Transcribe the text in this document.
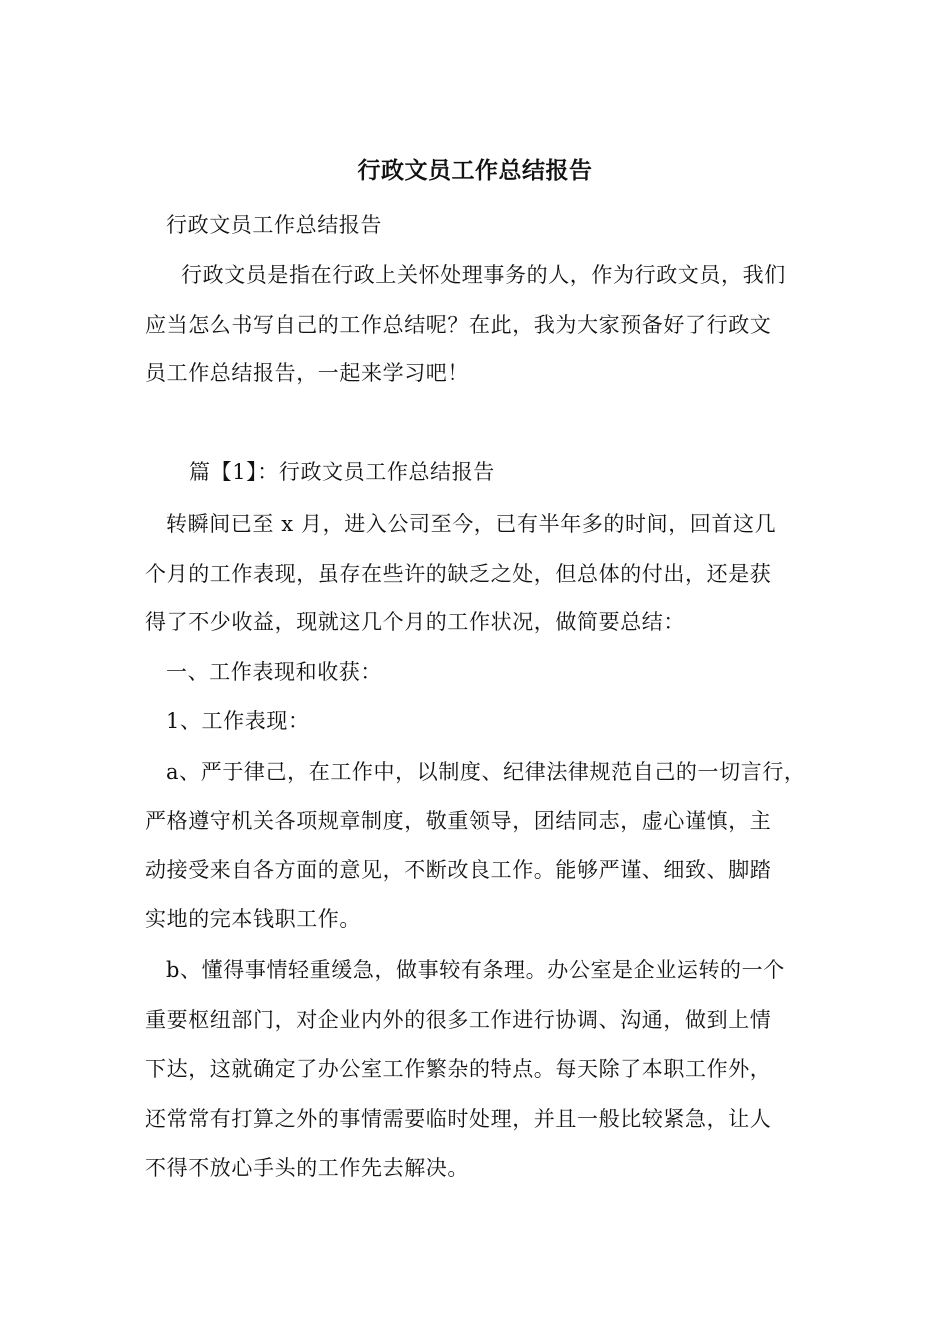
行政文员工作总结报告
行政文员工作总结报告
行政文员是指在行政上关怀处理事务的人，作为行政文员，我们
应当怎么书写自己的工作总结呢？在此，我为大家预备好了行政文
员工作总结报告，一起来学习吧！
篇【1】：行政文员工作总结报告
转瞬间已至 x 月，进入公司至今，已有半年多的时间，回首这几
个月的工作表现，虽存在些许的缺乏之处，但总体的付出，还是获
得了不少收益，现就这几个月的工作状况，做简要总结：
一、工作表现和收获：
1、工作表现：
a、严于律己，在工作中，以制度、纪律法律规范自己的一切言行，
严格遵守机关各项规章制度，敬重领导，团结同志，虚心谨慎，主
动接受来自各方面的意见，不断改良工作。能够严谨、细致、脚踏
实地的完本钱职工作。
b、懂得事情轻重缓急，做事较有条理。办公室是企业运转的一个
重要枢纽部门，对企业内外的很多工作进行协调、沟通，做到上情
下达，这就确定了办公室工作繁杂的特点。每天除了本职工作外，
还常常有打算之外的事情需要临时处理，并且一般比较紧急，让人
不得不放心手头的工作先去解决。
